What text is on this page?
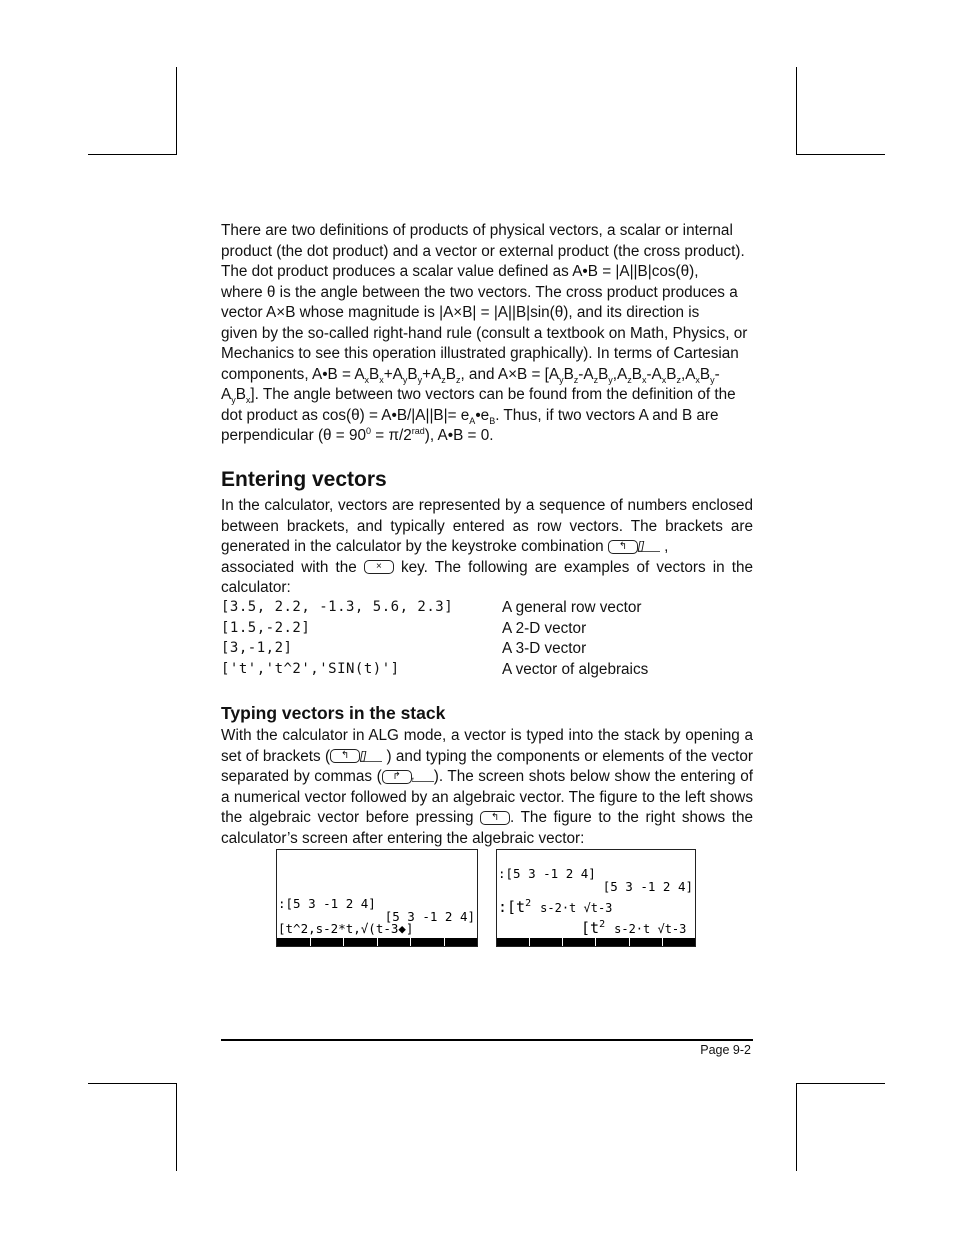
There are two definitions of products of physical vectors, a scalar or internal
product (the dot product) and a vector or external product (the cross product).
The dot product produces a scalar value defined as A•B = |A||B|cos(θ),
where θ is the angle between the two vectors. The cross product produces a
vector A×B whose magnitude is |A×B| = |A||B|sin(θ), and its direction is
given by the so-called right-hand rule (consult a textbook on Math, Physics, or
Mechanics to see this operation illustrated graphically). In terms of Cartesian
components, A•B = $A_xB_x+A_yB_y+A_zB_z$, and $A\times B = [A_yB_z-A_zB_y,A_zB_x-A_xB_z,A_xB_y-$
$A_yB_x$]. The angle between two vectors can be found from the definition of the
dot product as cos(θ) = A•B/|A||B|= $e_A•e_B$. Thus, if two vectors A and B are
perpendicular $(\theta = 90^0 = \pi/2^{rad})$, A•B = 0.
Entering vectors

In the calculator, vectors are represented by a sequence of numbers enclosed between brackets, and typically entered as row vectors. The brackets are generated in the calculator by the keystroke combination ↰ [] ,
associated with the × key. The following are examples of vectors in the calculator:

[3.5, 2.2, -1.3, 5.6, 2.3]	A general row vector
[1.5,-2.2]	A 2-D vector
[3,-1,2]	A 3-D vector
['t','t^2','SIN(t)']	A vector of algebraics
Typing vectors in the stack

With the calculator in ALG mode, a vector is typed into the stack by opening a set of brackets ( ↰ [] ) and typing the components or elements of the vector separated by commas ( ↱ , ). The screen shots below show the entering of a numerical vector followed by an algebraic vector. The figure to the left shows the algebraic vector before pressing ↰ . The figure to the right shows the calculator’s screen after entering the algebraic vector:

:[5 3 -1 2 4]
[5 3 -1 2 4]
[t^2,s-2*t,√(t-3◆]
:[5 3 -1 2 4]
[5 3 -1 2 4]
$:[t^2$ s-2·t √t-3
[$t^2$ s-2·t √t-3
Page 9-2
